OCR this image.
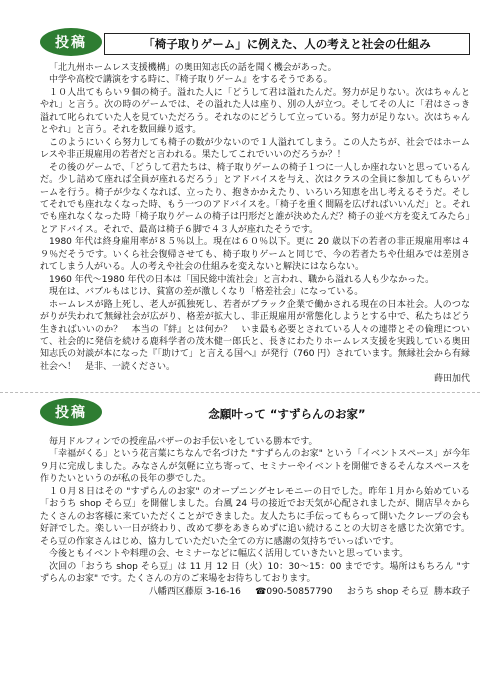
投稿	「椅子取りゲーム」に例えた、人の考えと社会の仕組み

「北九州ホームレス支援機構」の奥田知志氏の話を聞く機会があった。

中学や高校で講演をする時に、『椅子取りゲーム』をするそうである。

１０人出てもらい９個の椅子。溢れた人に「どうして君は溢れたんだ。努力が足りない。次はちゃんとやれ」と言う。次の時のゲームでは、その溢れた人は座り、別の人が立つ。そしてその人に「君はさっき溢れて叱られていた人を見ていただろう。それなのにどうして立っている。努力が足りない。次はちゃんとやれ」と言う。それを数回繰り返す。

このようにいくら努力しても椅子の数が少ないので１人溢れてしまう。この人たちが、社会ではホームレスや非正規雇用の若者だと言われる。果たしてこれでいいのだろうか？！

その後のゲームで、「どうして君たちは、椅子取りゲームの椅子１つに一人しか座れないと思っているんだ。少し詰めて座れば全員が座れるだろう」とアドバイスを与え、次はクラスの全員に参加してもらいゲームを行う。椅子が少なくなれば、立ったり、抱きかかえたり、いろいろ知恵を出し考えるそうだ。そしてそれでも座れなくなった時、もう一つのアドバイスを。「椅子を重く間隔を広げればいいんだ」と。それでも座れなくなった時「椅子取りゲームの椅子は円形だと誰が決めたんだ？椅子の並べ方を変えてみたら」とアドバイス。それで、最高は椅子６脚で４３人が座れたそうです。

1980 年代は終身雇用率が８５％以上。現在は６０％以下。更に 20 歳以下の若者の非正規雇用率は４９％だそうです。いくら社会復帰させても、椅子取りゲームと同じで、今の若者たちや仕組みでは差別されてしまう人がいる。人の考えや社会の仕組みを変えないと解決にはならない。

1960 年代〜1980 年代の日本は「国民総中流社会」と言われ、職から溢れる人も少なかった。

現在は、バブルもはじけ、貧富の差が激しくなり「格差社会」になっている。

ホームレスが路上死し、老人が孤独死し、若者がブラック企業で働かされる現在の日本社会。人のつながりが失われて無縁社会が広がり、格差が拡大し、非正規雇用が常態化しようとする中で、私たちはどう生きればいいのか？　本当の『絆』とは何か？　いま最も必要とされている人々の連帯とその倫理について、社会的に発信を続ける鹿科学者の茂木健一郎氏と、長きにわたりホームレス支援を実践している奥田知志氏の対談が本になった『「助けて」と言える国へ』が発行（760 円）されています。無縁社会から有縁社会へ！　是非、一読ください。

蒔田加代

投稿	念願叶って “すずらんのお家”

毎月ドルフィンでの授産品バザーのお手伝いをしている勝本です。

「幸福がくる」という花言葉にちなんで名づけた "すずらんのお家" という「イベントスペース」が今年９月に完成しました。みなさんが気軽に立ち寄って、セミナーやイベントを開催できるそんなスペースを作りたいというのが私の長年の夢でした。

１０月８日はその "すずらんのお家" のオープニングセレモニーの日でした。昨年１月から始めている「おうち shop そら豆」を開催しました。台風 24 号の接近でお天気が心配されましたが、開店早々からたくさんのお客様に来ていただくことができました。友人たちに手伝ってもらって開いたクレープの会も好評でした。楽しい一日が終わり、改めて夢をあきらめずに追い続けることの大切さを感じた次第です。そら豆の作家さんはじめ、協力していただいた全ての方に感謝の気持ちでいっぱいです。

今後ともイベントや料理の会、セミナーなどに幅広く活用していきたいと思っています。

次回の「おうち shop そら豆」は 11 月 12 日（火）10：30〜15：00 までです。場所はもちろん "すずらんのお家" です。たくさんの方のご来場をお待ちしております。

八幡西区藤原 3-16-16 ☎090-50857790 おうち shop そら豆 勝本政子
